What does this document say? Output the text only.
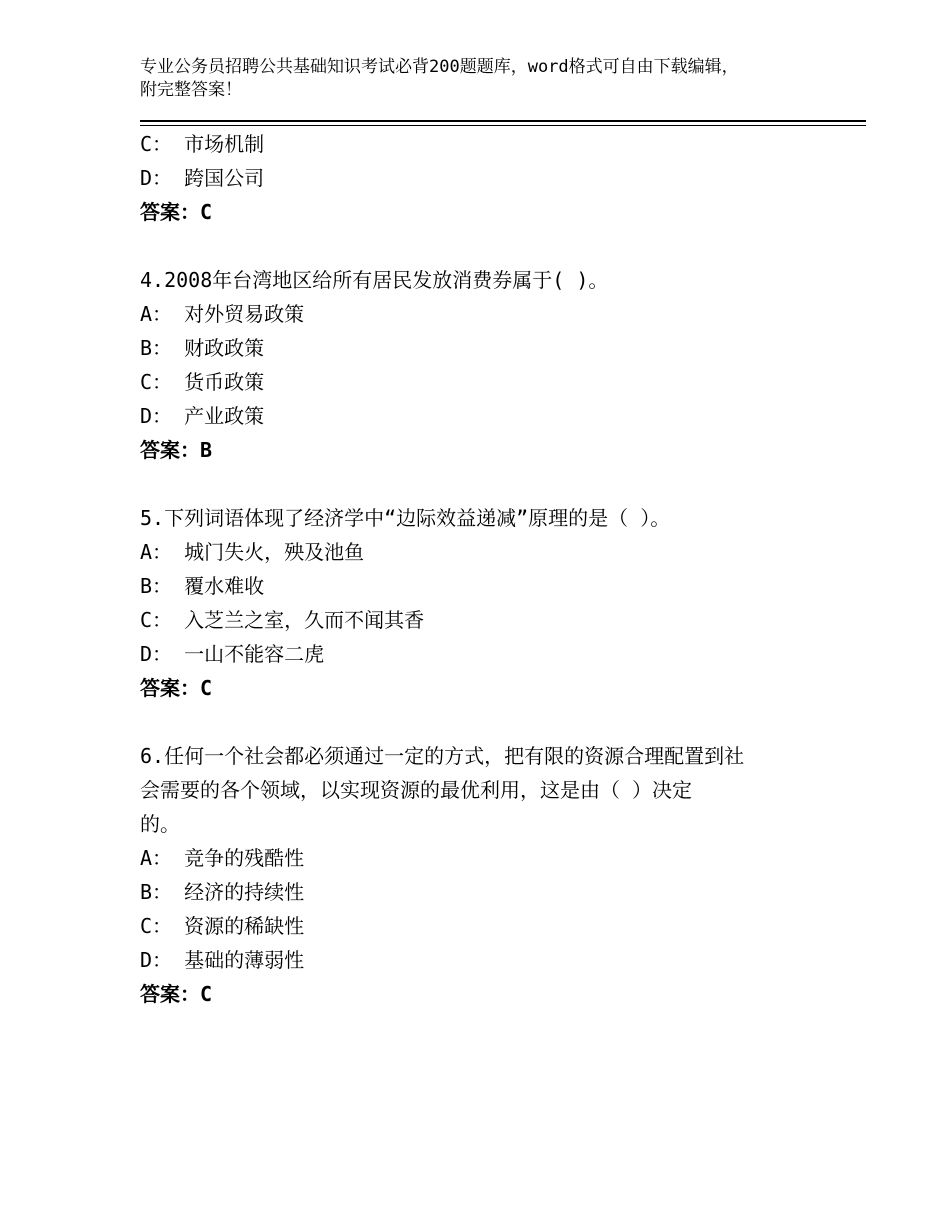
专业公务员招聘公共基础知识考试必背200题题库，word格式可自由下载编辑，
附完整答案！
C： 市场机制
D： 跨国公司
答案：C
4.2008年台湾地区给所有居民发放消费券属于( )。
A： 对外贸易政策
B： 财政政策
C： 货币政策
D： 产业政策
答案：B
5.下列词语体现了经济学中“边际效益递减”原理的是（ ）。
A： 城门失火，殃及池鱼
B： 覆水难收
C： 入芝兰之室，久而不闻其香
D： 一山不能容二虎
答案：C
6.任何一个社会都必须通过一定的方式，把有限的资源合理配置到社
会需要的各个领域，以实现资源的最优利用，这是由（ ）决定
的。
A： 竞争的残酷性
B： 经济的持续性
C： 资源的稀缺性
D： 基础的薄弱性
答案：C
